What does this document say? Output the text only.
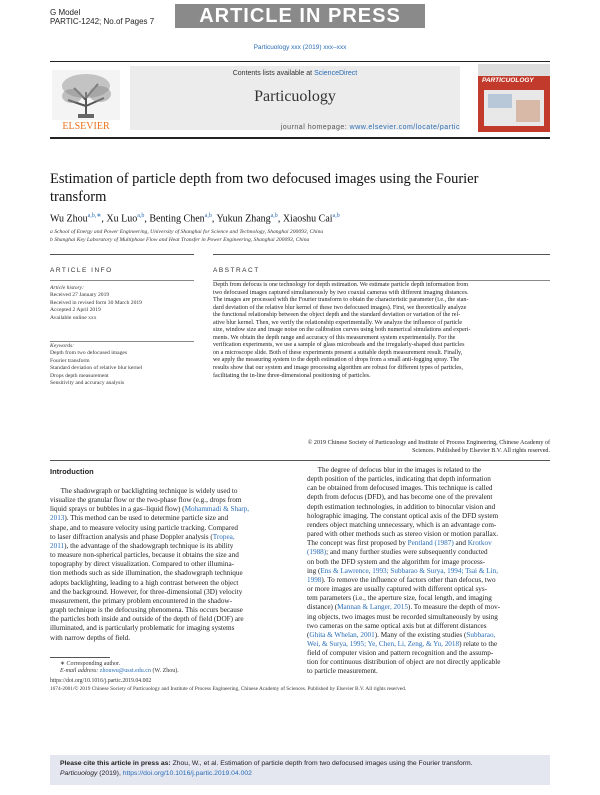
G Model
PARTIC-1242; No.of Pages 7	ARTICLE IN PRESS
Particuology xxx (2019) xxx–xxx
ELSEVIER
Contents lists available at ScienceDirect
Particuology
journal homepage: www.elsevier.com/locate/partic
PARTICUOLOGY
Estimation of particle depth from two defocused images using the Fourier transform
Wu Zhou$^{a,b,∗}$, Xu Luo$^{a,b}$, Benting Chen$^{a,b}$, Yukun Zhang$^{a,b}$, Xiaoshu Cai$^{a,b}$
a School of Energy and Power Engineering, University of Shanghai for Science and Technology, Shanghai 200093, China
b Shanghai Key Laboratory of Multiphase Flow and Heat Transfer in Power Engineering, Shanghai 200093, China
ARTICLE INFO
Article history:
Received 27 January 2019
Received in revised form 30 March 2019
Accepted 2 April 2019
Available online xxx
Keywords:
Depth from two defocused images
Fourier transform
Standard deviation of relative blur kernel
Drops depth measurement
Sensitivity and accuracy analysis
ABSTRACT
Depth from defocus is one technology for depth estimation. We estimate particle depth information from
two defocused images captured simultaneously by two coaxial cameras with different imaging distances.
The images are processed with the Fourier transform to obtain the characteristic parameter (i.e., the stan-
dard deviation of the relative blur kernel of these two defocused images). First, we theoretically analyze
the functional relationship between the object depth and the standard deviation or variation of the rel-
ative blur kernel. Then, we verify the relationship experimentally. We analyze the influence of particle
size, window size and image noise on the calibration curves using both numerical simulations and experi-
ments. We obtain the depth range and accuracy of this measurement system experimentally. For the
verification experiments, we use a sample of glass microbeads and the irregularly-shaped dust particles
on a microscope slide. Both of these experiments present a suitable depth measurement result. Finally,
we apply the measuring system to the depth estimation of drops from a small anti-fogging spray. The
results show that our system and image processing algorithm are robust for different types of particles,
facilitating the in-line three-dimensional positioning of particles.
© 2019 Chinese Society of Particuology and Institute of Process Engineering, Chinese Academy of
Sciences. Published by Elsevier B.V. All rights reserved.
Introduction
The shadowgraph or backlighting technique is widely used to
visualize the granular flow or the two-phase flow (e.g., drops from
liquid sprays or bubbles in a gas–liquid flow) (Mohammadi & Sharp,
2013). This method can be used to determine particle size and
shape, and to measure velocity using particle tracking. Compared
to laser diffraction analysis and phase Doppler analysis (Tropea,
2011), the advantage of the shadowgraph technique is its ability
to measure non-spherical particles, because it obtains the size and
topography by direct visualization. Compared to other illumina-
tion methods such as side illumination, the shadowgraph technique
adopts backlighting, leading to a high contrast between the object
and the background. However, for three-dimensional (3D) velocity
measurement, the primary problem encountered in the shadow-
graph technique is the defocusing phenomena. This occurs because
the particles both inside and outside of the depth of field (DOF) are
illuminated, and is particularly problematic for imaging systems
with narrow depths of field.
The degree of defocus blur in the images is related to the
depth position of the particles, indicating that depth information
can be obtained from defocused images. This technique is called
depth from defocus (DFD), and has become one of the prevalent
depth estimation technologies, in addition to binocular vision and
holographic imaging. The constant optical axis of the DFD system
renders object matching unnecessary, which is an advantage com-
pared with other methods such as stereo vision or motion parallax.
The concept was first proposed by Pentland (1987) and Krotkov
(1988); and many further studies were subsequently conducted
on both the DFD system and the algorithm for image process-
ing (Ens & Lawrence, 1993; Subbarao & Surya, 1994; Tsai & Lin,
1998). To remove the influence of factors other than defocus, two
or more images are usually captured with different optical sys-
tem parameters (i.e., the aperture size, focal length, and imaging
distance) (Mannan & Langer, 2015). To measure the depth of mov-
ing objects, two images must be recorded simultaneously by using
two cameras on the same optical axis but at different distances
(Ghita & Whelan, 2001). Many of the existing studies (Subbarao,
Wei, & Surya, 1995; Ye, Chen, Li, Zeng, & Yu, 2018) relate to the
field of computer vision and pattern recognition and the assump-
tion for continuous distribution of object are not directly applicable
to particle measurement.
∗ Corresponding author.
E-mail address: zhouwu@usst.edu.cn (W. Zhou).
https://doi.org/10.1016/j.partic.2019.04.002
1674-2001/© 2019 Chinese Society of Particuology and Institute of Process Engineering, Chinese Academy of Sciences. Published by Elsevier B.V. All rights reserved.
Please cite this article in press as: Zhou, W., et al. Estimation of particle depth from two defocused images using the Fourier transform.
Particuology (2019), https://doi.org/10.1016/j.partic.2019.04.002
